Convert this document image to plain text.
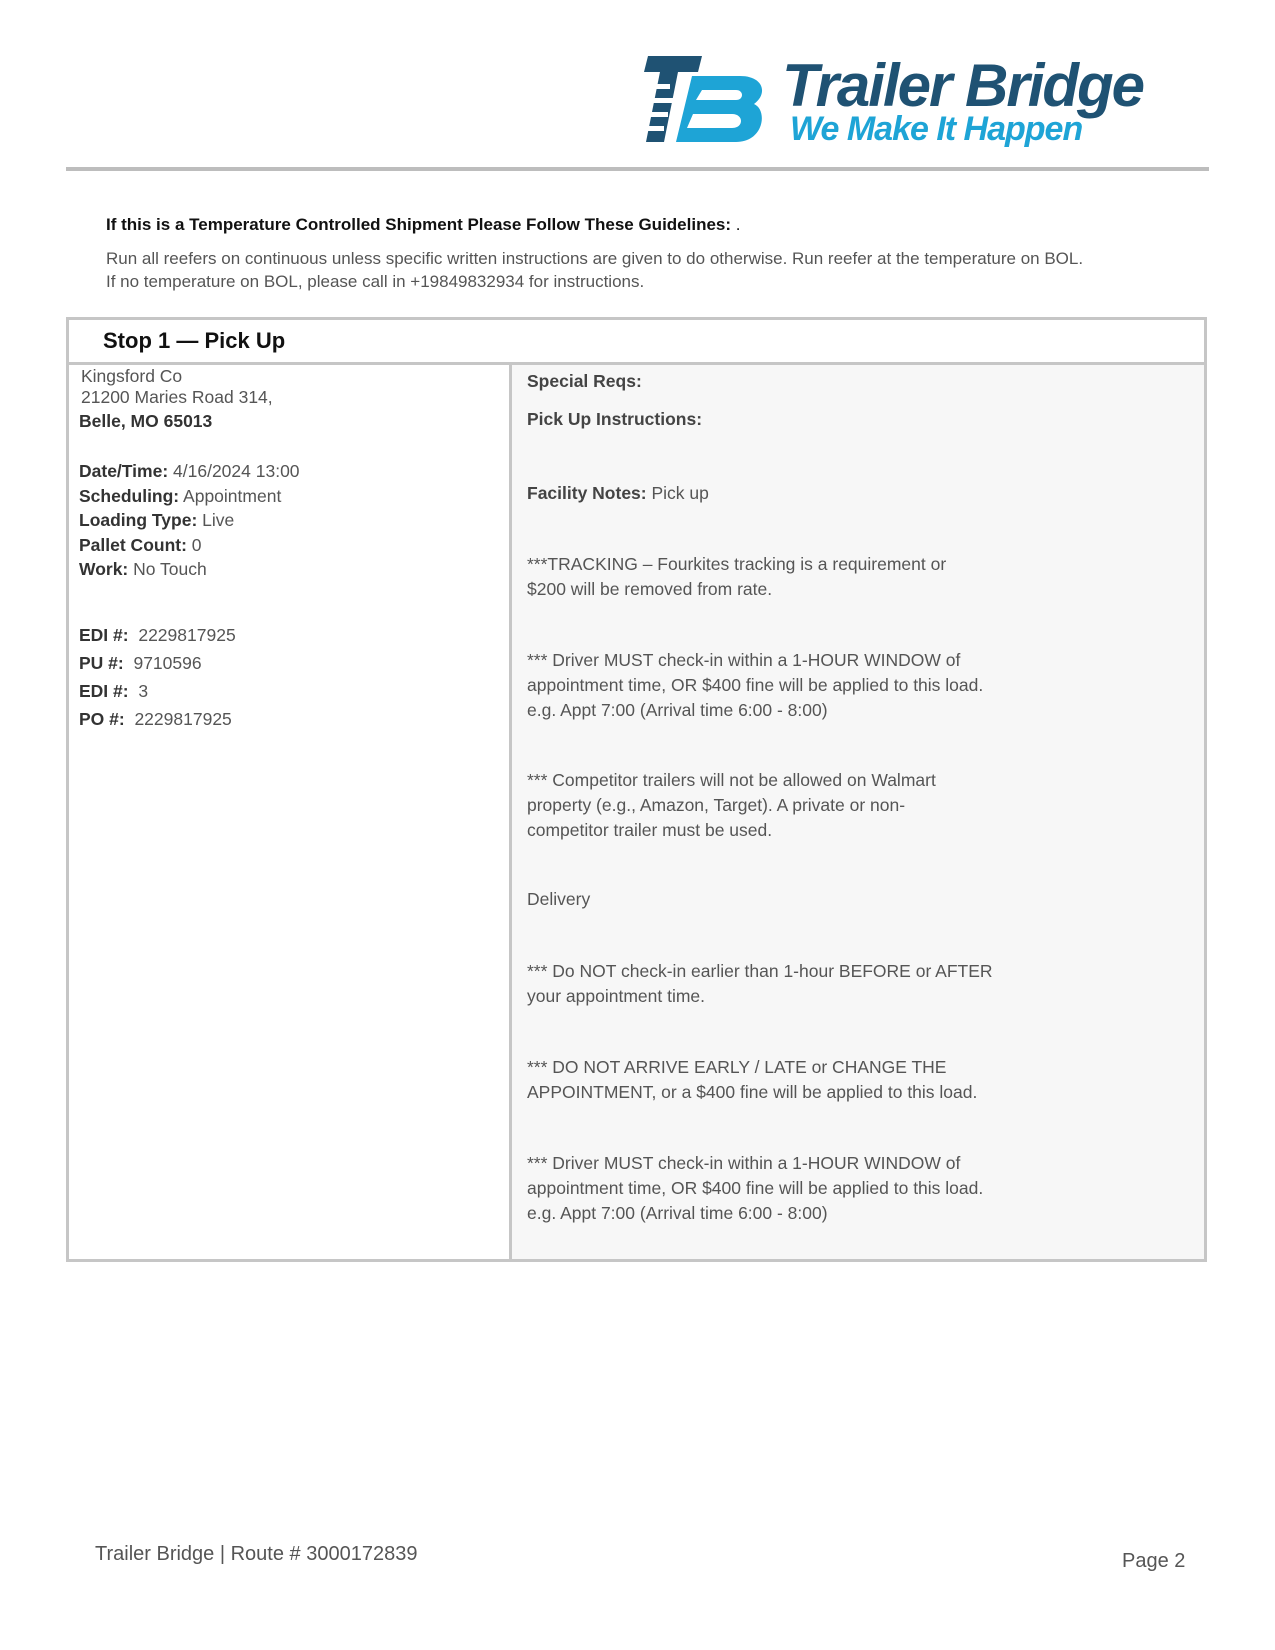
Trailer Bridge
We Make It Happen
If this is a Temperature Controlled Shipment Please Follow These Guidelines: .
Run all reefers on continuous unless specific written instructions are given to do otherwise. Run reefer at the temperature on BOL.
If no temperature on BOL, please call in +19849832934 for instructions.
Stop 1 — Pick Up
Kingsford Co
21200 Maries Road 314,
Belle, MO 65013
Date/Time: 4/16/2024 13:00
Scheduling: Appointment
Loading Type: Live
Pallet Count: 0
Work: No Touch
EDI #: 2229817925
PU #: 9710596
EDI #: 3
PO #: 2229817925
Special Reqs:
Pick Up Instructions:
Facility Notes: Pick up
***TRACKING – Fourkites tracking is a requirement or
$200 will be removed from rate.
*** Driver MUST check-in within a 1-HOUR WINDOW of
appointment time, OR $400 fine will be applied to this load.
e.g. Appt 7:00 (Arrival time 6:00 - 8:00)
*** Competitor trailers will not be allowed on Walmart
property (e.g., Amazon, Target). A private or non-
competitor trailer must be used.
Delivery
*** Do NOT check-in earlier than 1-hour BEFORE or AFTER
your appointment time.
*** DO NOT ARRIVE EARLY / LATE or CHANGE THE
APPOINTMENT, or a $400 fine will be applied to this load.
*** Driver MUST check-in within a 1-HOUR WINDOW of
appointment time, OR $400 fine will be applied to this load.
e.g. Appt 7:00 (Arrival time 6:00 - 8:00)
Trailer Bridge | Route # 3000172839	Page 2
